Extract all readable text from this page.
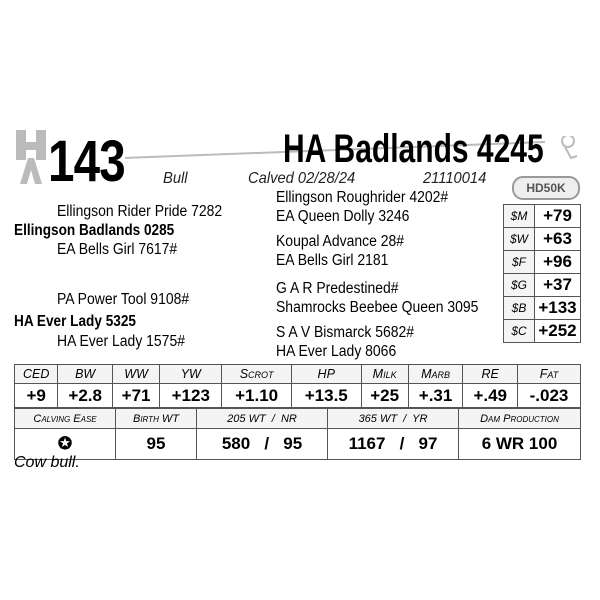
143	HA Badlands 4245
Bull	Calved 02/28/24	21110014
HD50K
Ellingson Rider Pride 7282
Ellingson Badlands 0285
EA Bells Girl 7617#
PA Power Tool 9108#
HA Ever Lady 5325
HA Ever Lady 1575#
Ellingson Roughrider 4202#
EA Queen Dolly 3246
Koupal Advance 28#
EA Bells Girl 2181
G A R Predestined#
Shamrocks Beebee Queen 3095
S A V Bismarck 5682#
HA Ever Lady 8066
$M	+79
$W	+63
$F	+96
$G	+37
$B	+133
$C	+252
CED	BW	WW	YW	Scrot	HP	Milk	Marb	RE	Fat
+9	+2.8	+71	+123	+1.10	+13.5	+25	+.31	+.49	-.023
Calving Ease	Birth WT	205 WT  /  NR	365 WT  /  YR	Dam Production
✪	95	580   /   95	1167   /   97	6 WR 100
Cow bull.
